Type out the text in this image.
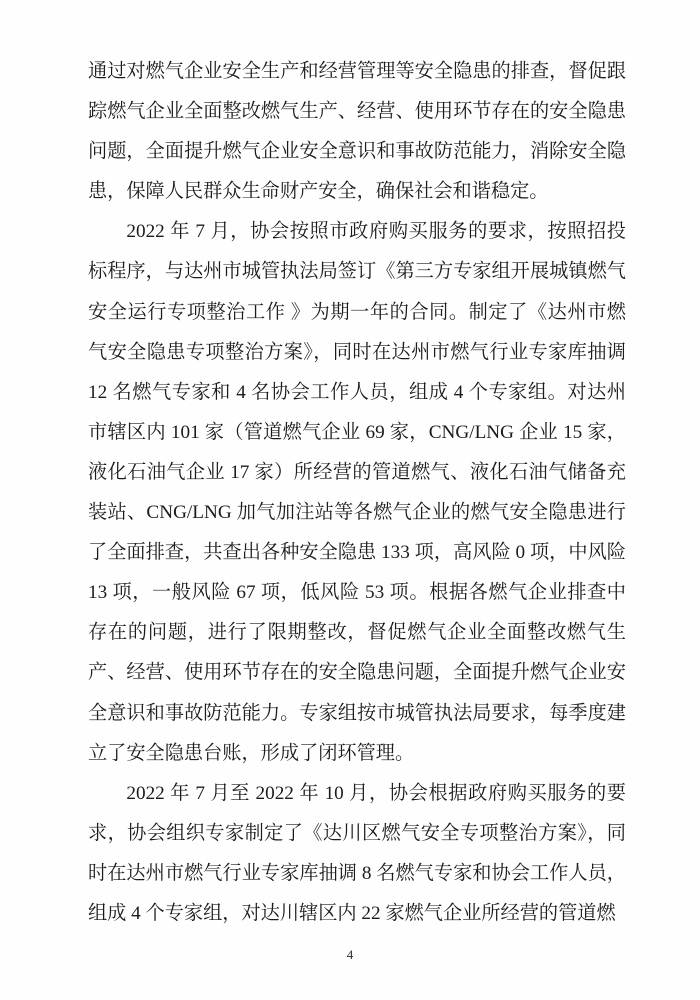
通过对燃气企业安全生产和经营管理等安全隐患的排查，督促跟踪燃气企业全面整改燃气生产、经营、使用环节存在的安全隐患问题，全面提升燃气企业安全意识和事故防范能力，消除安全隐患，保障人民群众生命财产安全，确保社会和谐稳定。

2022 年 7 月，协会按照市政府购买服务的要求，按照招投标程序，与达州市城管执法局签订《第三方专家组开展城镇燃气安全运行专项整治工作 》为期一年的合同。制定了《达州市燃气安全隐患专项整治方案》，同时在达州市燃气行业专家库抽调 12 名燃气专家和 4 名协会工作人员，组成 4 个专家组。对达州市辖区内 101 家（管道燃气企业 69 家，CNG/LNG 企业 15 家，液化石油气企业 17 家）所经营的管道燃气、液化石油气储备充装站、CNG/LNG 加气加注站等各燃气企业的燃气安全隐患进行了全面排查，共查出各种安全隐患 133 项，高风险 0 项，中风险 13 项，一般风险 67 项，低风险 53 项。根据各燃气企业排查中存在的问题，进行了限期整改，督促燃气企业全面整改燃气生产、经营、使用环节存在的安全隐患问题，全面提升燃气企业安全意识和事故防范能力。专家组按市城管执法局要求，每季度建立了安全隐患台账，形成了闭环管理。

2022 年 7 月至 2022 年 10 月，协会根据政府购买服务的要求，协会组织专家制定了《达川区燃气安全专项整治方案》，同时在达州市燃气行业专家库抽调 8 名燃气专家和协会工作人员，组成 4 个专家组，对达川辖区内 22 家燃气企业所经营的管道燃

4
